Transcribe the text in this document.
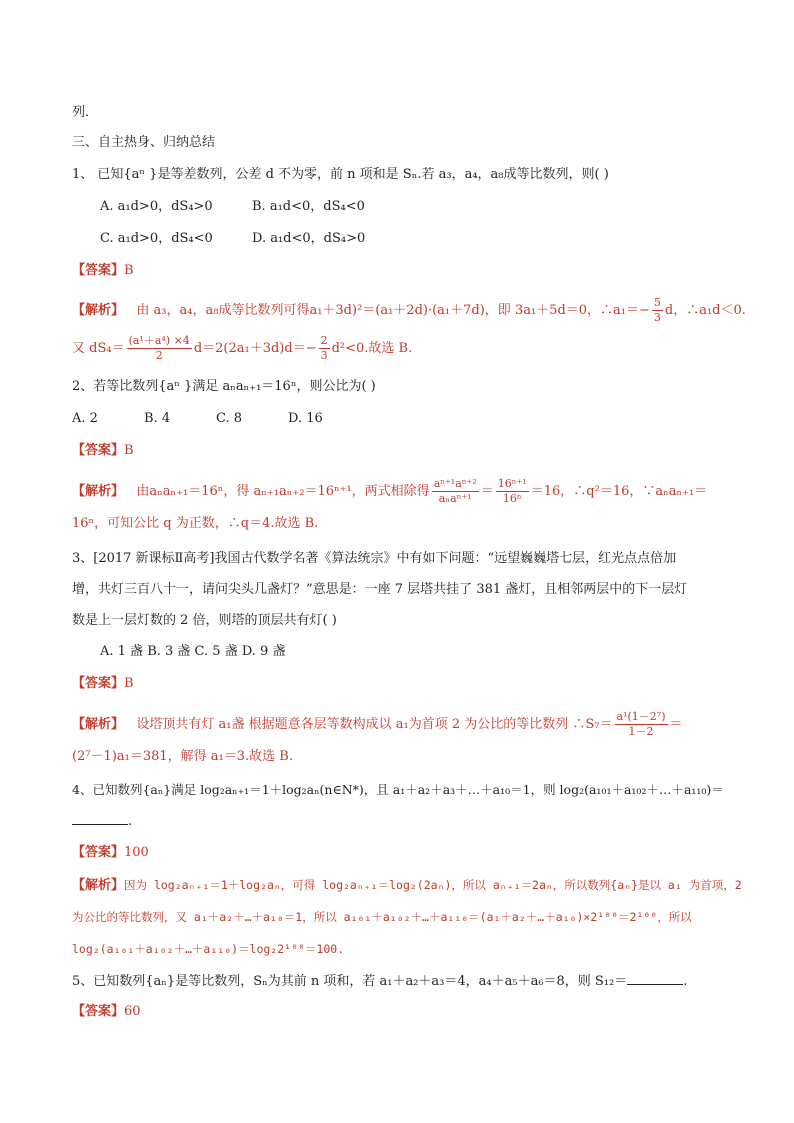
列．
三、自主热身、归纳总结
1、 已知{aⁿ }是等差数列，公差 d 不为零，前 n 项和是 Sₙ.若 a₃，a₄，a₈成等比数列，则( )
A. a₁d>0，dS₄>0	B. a₁d<0，dS₄<0
C. a₁d>0，dS₄<0	D. a₁d<0，dS₄>0
【答案】B
【解析】 由 a₃，a₄，a₈成等比数列可得a₁＋3d)²＝(a₁＋2d)·(a₁＋7d)，即 3a₁＋5d＝0，∴a₁＝− $\frac{5}{3}$ d，∴a₁d＜0.
又 $dS_4= \frac{\text{(a¹＋a⁴) ×4}}{2} d=2(2a_1+3d)d=- \frac{2}{3} d^2<0$.故选 B.
2、若等比数列{aⁿ }满足 aₙaₙ₊₁＝16ⁿ，则公比为( )
A. 2	B. 4	C. 8	D. 16
【答案】B
【解析】 由aₙaₙ₊₁＝16ⁿ，得 aₙ₊₁aₙ₊₂＝16ⁿ⁺¹，两式相除得 $\frac{\text{aⁿ⁺¹aⁿ⁺²}}{\text{aₙaⁿ⁺¹}} = \frac{\text{16ⁿ⁺¹}}{\text{16ⁿ}} =16$，∴q²＝16，∵aₙaₙ₊₁＝
16ⁿ，可知公比 q 为正数，∴q＝4.故选 B.
3、[2017 新课标Ⅱ高考]我国古代数学名著《算法统宗》中有如下问题：“远望巍巍塔七层，红光点点倍加
增，共灯三百八十一，请问尖头几盏灯？”意思是：一座 7 层塔共挂了 381 盏灯，且相邻两层中的下一层灯
数是上一层灯数的 2 倍，则塔的顶层共有灯( )
A. 1 盏 B. 3 盏 C. 5 盏 D. 9 盏
【答案】B
【解析】 设塔顶共有灯 a₁盏 根据题意各层等数构成以 a₁为首项 2 为公比的等比数列 ∴S₇＝ $\frac{\text{a¹(1－2⁷)}}{1-2}$ ＝
(2⁷－1)a₁＝381，解得 a₁＝3.故选 B.
4、已知数列{aₙ}满足 log₂aₙ₊₁＝1＋log₂aₙ(n∈N*)，且 a₁＋a₂＋a₃＋…＋a₁₀＝1，则 log₂(a₁₀₁＋a₁₀₂＋…＋a₁₁₀)＝
.
【答案】100
【解析】因为 log₂aₙ₊₁＝1＋log₂aₙ，可得 log₂aₙ₊₁＝log₂(2aₙ)，所以 aₙ₊₁＝2aₙ，所以数列{aₙ}是以 a₁ 为首项，2
为公比的等比数列，又 a₁＋a₂＋…＋a₁₀＝1，所以 a₁₀₁＋a₁₀₂＋…＋a₁₁₀＝(a₁＋a₂＋…＋a₁₀)×2¹⁰⁰＝2¹⁰⁰，所以
log₂(a₁₀₁＋a₁₀₂＋…＋a₁₁₀)＝log₂2¹⁰⁰＝100.
5、已知数列{aₙ}是等比数列，Sₙ为其前 n 项和，若 a₁＋a₂＋a₃＝4，a₄＋a₅＋a₆＝8，则 S₁₂＝	.
【答案】60
